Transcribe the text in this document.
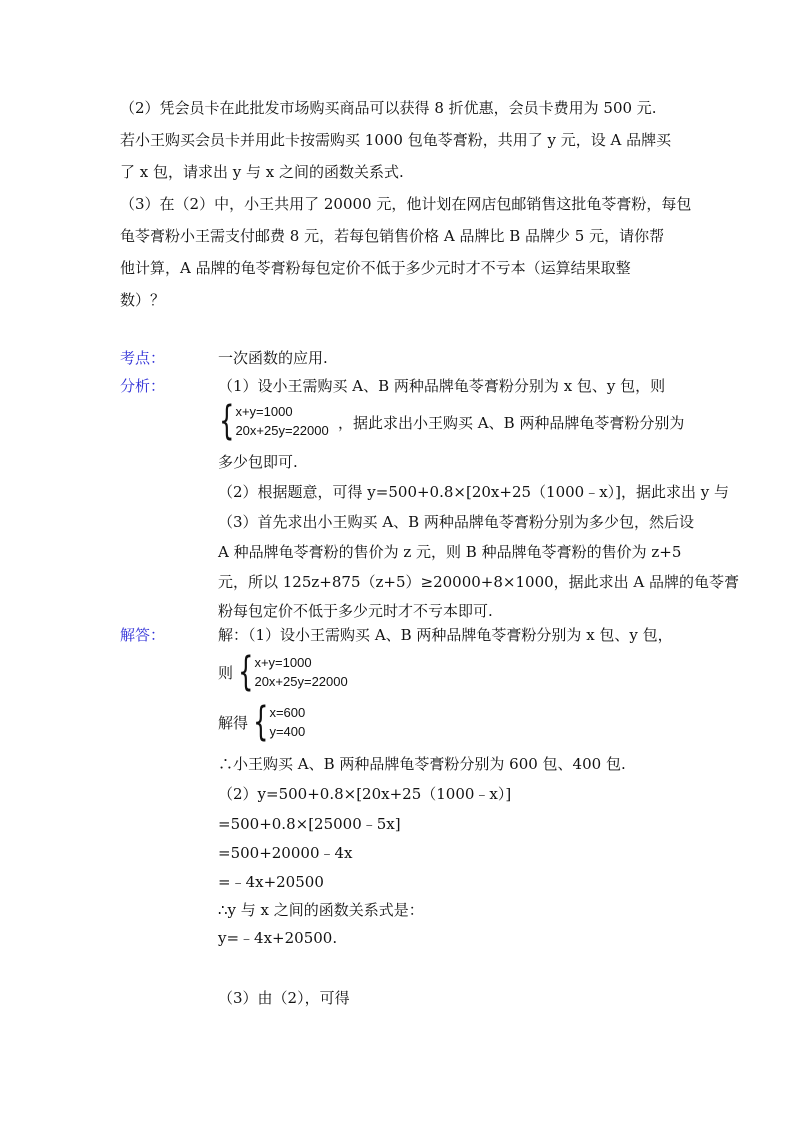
（2）凭会员卡在此批发市场购买商品可以获得 8 折优惠，会员卡费用为 500 元.
若小王购买会员卡并用此卡按需购买 1000 包龟苓膏粉，共用了 y 元，设 A 品牌买
了 x 包，请求出 y 与 x 之间的函数关系式.
（3）在（2）中，小王共用了 20000 元，他计划在网店包邮销售这批龟苓膏粉，每包
龟苓膏粉小王需支付邮费 8 元，若每包销售价格 A 品牌比 B 品牌少 5 元，请你帮
他计算，A 品牌的龟苓膏粉每包定价不低于多少元时才不亏本（运算结果取整
数）？
考点：	一次函数的应用.
分析：	（1）设小王需购买 A、B 两种品牌龟苓膏粉分别为 x 包、y 包，则
{ x+y=1000
20x+25y=22000 ，据此求出小王购买 A、B 两种品牌龟苓膏粉分别为
多少包即可.
（2）根据题意，可得 y=500+0.8×[20x+25（1000﹣x）]，据此求出 y 与
（3）首先求出小王购买 A、B 两种品牌龟苓膏粉分别为多少包，然后设
A 种品牌龟苓膏粉的售价为 z 元，则 B 种品牌龟苓膏粉的售价为 z+5
元，所以 125z+875（z+5）≥20000+8×1000，据此求出 A 品牌的龟苓膏
粉每包定价不低于多少元时才不亏本即可.
解答：	解：（1）设小王需购买 A、B 两种品牌龟苓膏粉分别为 x 包、y 包，
则 { x+y=1000
20x+25y=22000
解得 { x=600
y=400
∴小王购买 A、B 两种品牌龟苓膏粉分别为 600 包、400 包.
（2）y=500+0.8×[20x+25（1000﹣x）]
=500+0.8×[25000﹣5x]
=500+20000﹣4x
=﹣4x+20500
∴y 与 x 之间的函数关系式是：
y=﹣4x+20500.
（3）由（2），可得
